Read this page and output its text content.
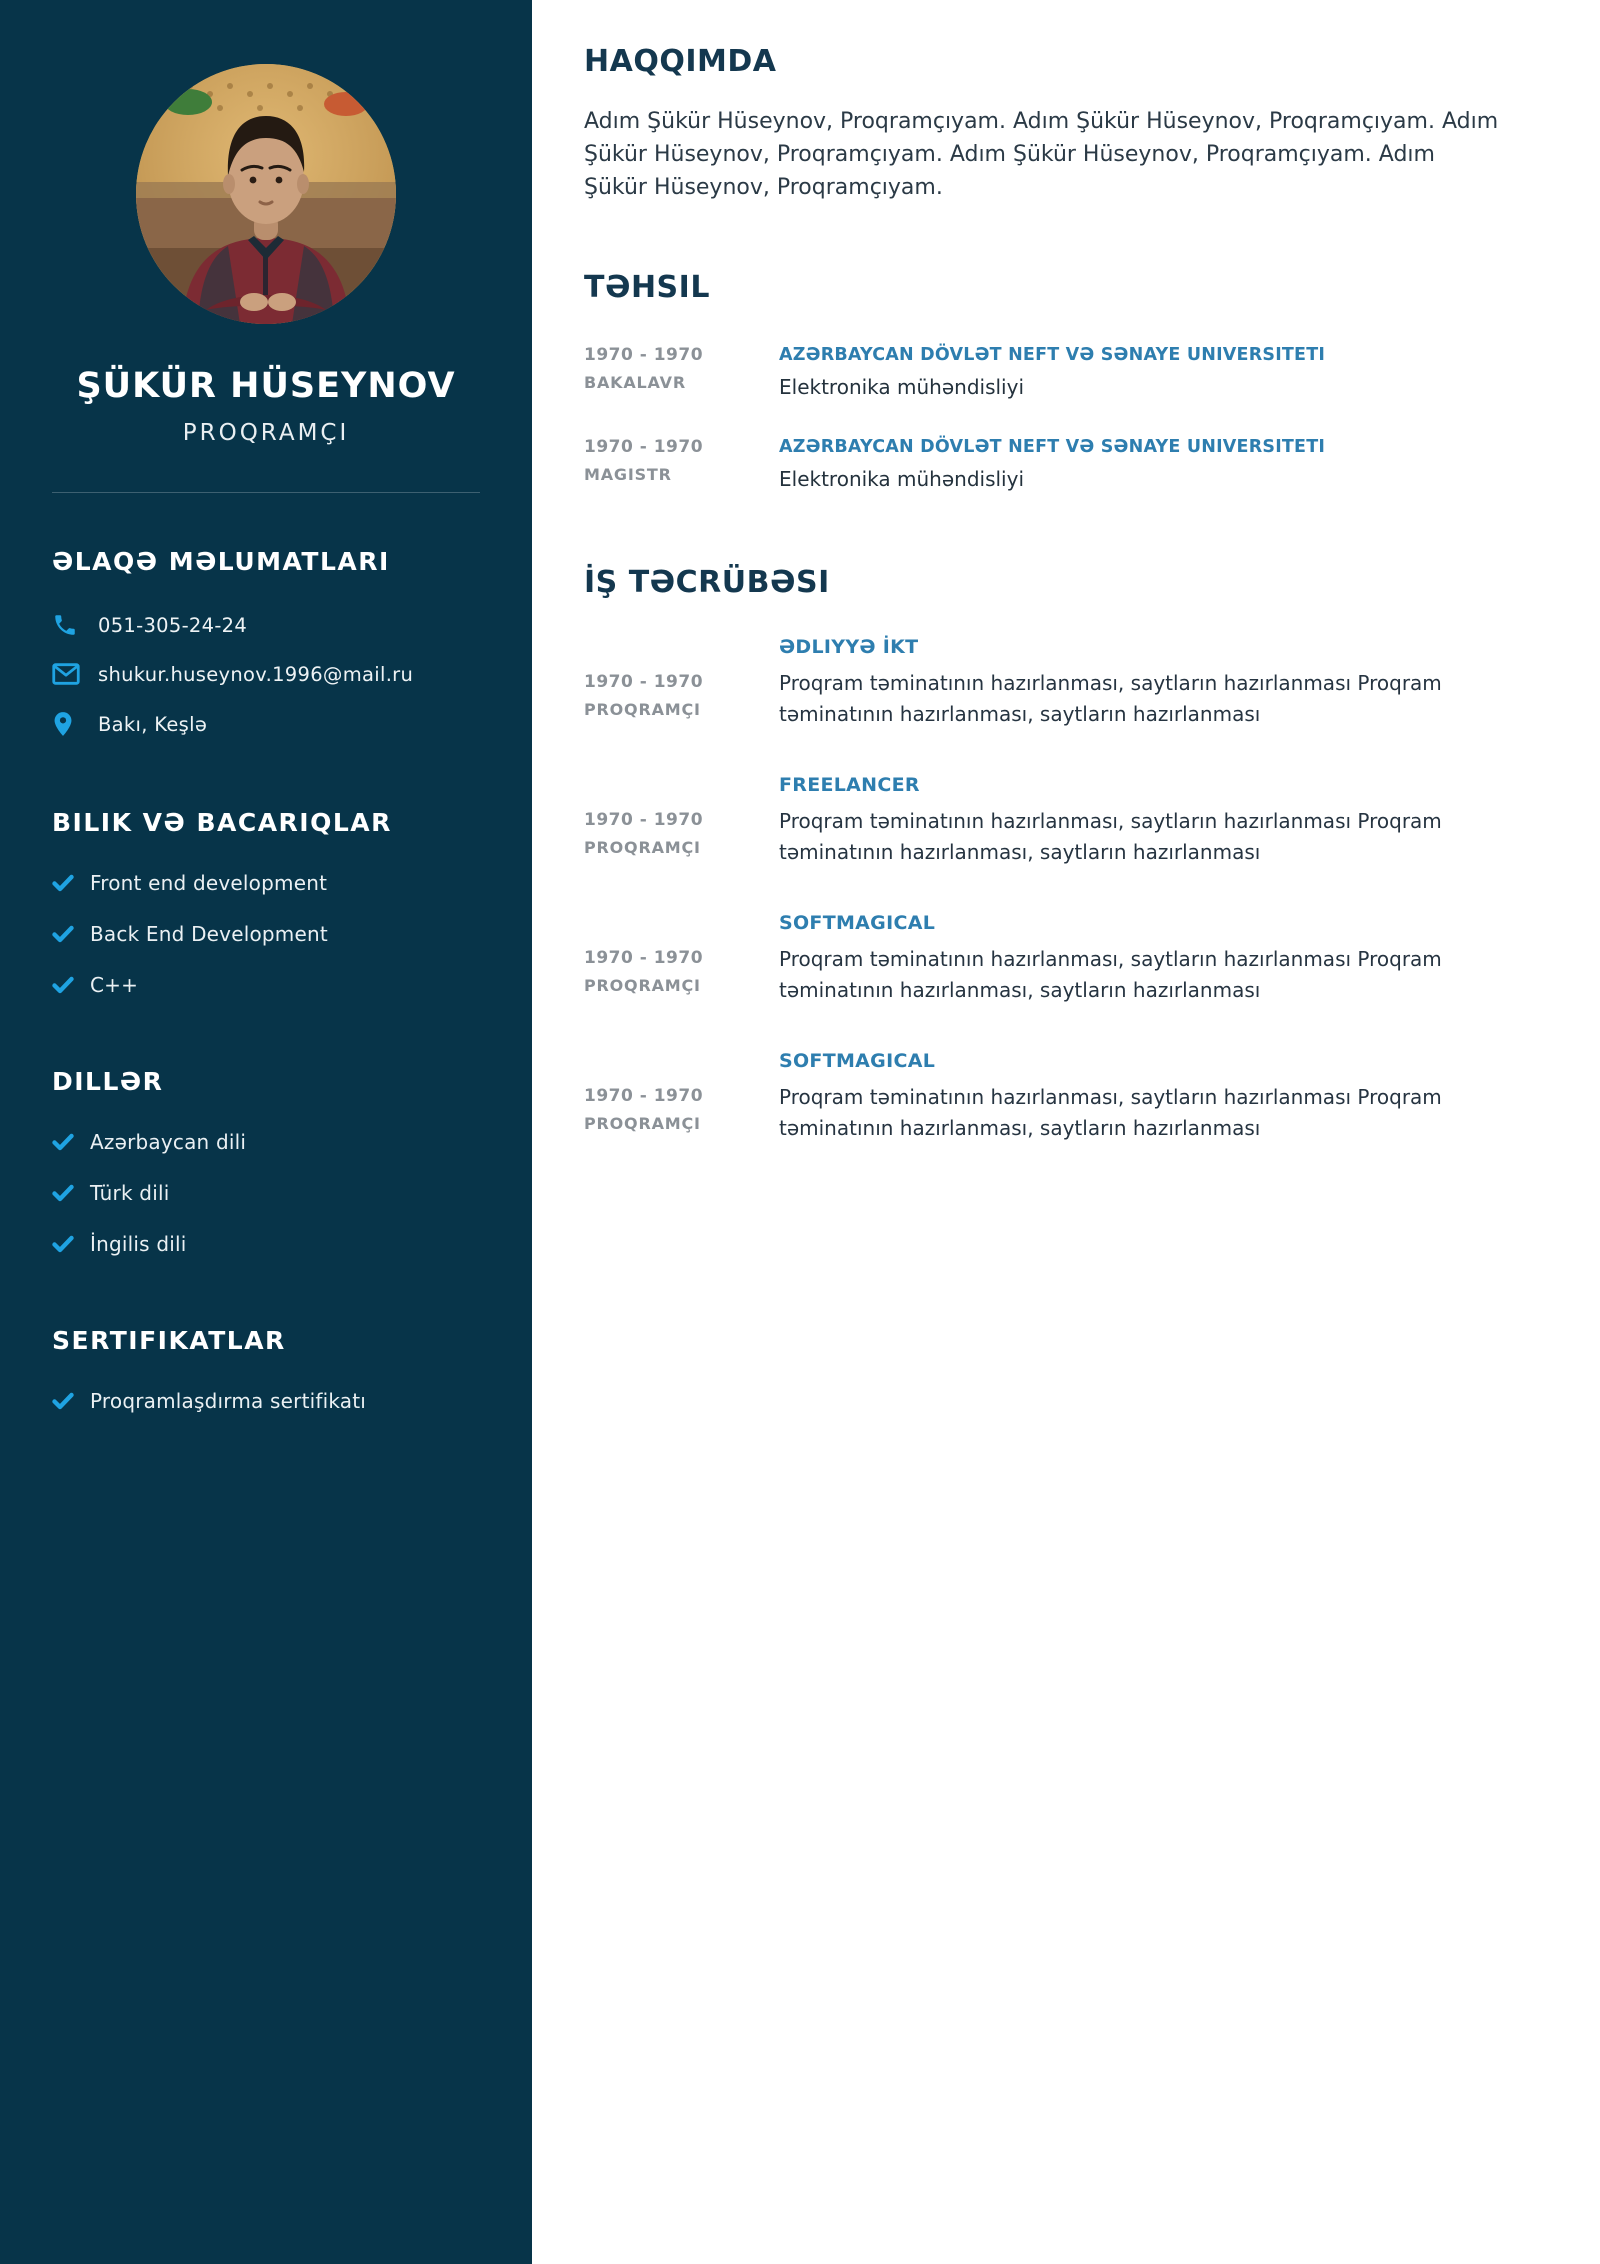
ŞÜKÜR HÜSEYNOV
PROQRAMÇI
ƏLAQƏ MƏLUMATLARI
051-305-24-24
shukur.huseynov.1996@mail.ru
Bakı, Keşlə
BILIK VƏ BACARIQLAR
Front end development
Back End Development
C++
DILLƏR
Azərbaycan dili
Türk dili
İngilis dili
SERTIFIKATLAR
Proqramlaşdırma sertifikatı
HAQQIMDA

Adım Şükür Hüseynov, Proqramçıyam. Adım Şükür Hüseynov, Proqramçıyam. Adım Şükür Hüseynov, Proqramçıyam. Adım Şükür Hüseynov, Proqramçıyam. Adım Şükür Hüseynov, Proqramçıyam.

TƏHSIL
1970 - 1970
BAKALAVR
AZƏRBAYCAN DÖVLƏT NEFT VƏ SƏNAYE UNIVERSITETI
Elektronika mühəndisliyi
1970 - 1970
MAGISTR
AZƏRBAYCAN DÖVLƏT NEFT VƏ SƏNAYE UNIVERSITETI
Elektronika mühəndisliyi
İŞ TƏCRÜBƏSI
1970 - 1970
PROQRAMÇI
ƏDLIYYƏ İKT
Proqram təminatının hazırlanması, saytların hazırlanması Proqram təminatının hazırlanması, saytların hazırlanması
1970 - 1970
PROQRAMÇI
FREELANCER
Proqram təminatının hazırlanması, saytların hazırlanması Proqram təminatının hazırlanması, saytların hazırlanması
1970 - 1970
PROQRAMÇI
SOFTMAGICAL
Proqram təminatının hazırlanması, saytların hazırlanması Proqram təminatının hazırlanması, saytların hazırlanması
1970 - 1970
PROQRAMÇI
SOFTMAGICAL
Proqram təminatının hazırlanması, saytların hazırlanması Proqram təminatının hazırlanması, saytların hazırlanması
